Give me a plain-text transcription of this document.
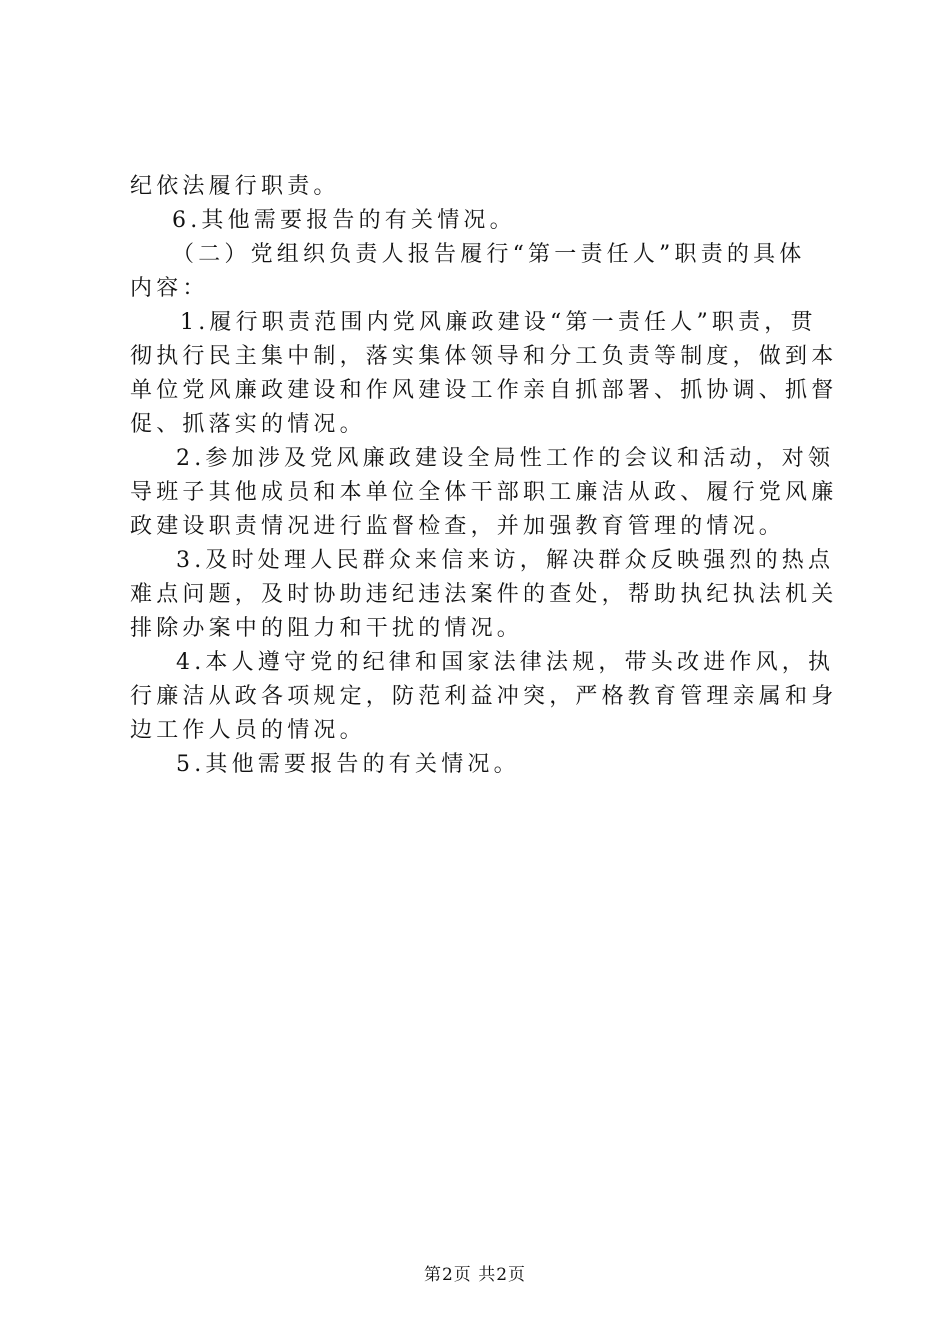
纪依法履行职责。
6.其他需要报告的有关情况。
（二）党组织负责人报告履行“第一责任人”职责的具体
内容：
1.履行职责范围内党风廉政建设“第一责任人”职责，贯
彻执行民主集中制，落实集体领导和分工负责等制度，做到本
单位党风廉政建设和作风建设工作亲自抓部署、抓协调、抓督
促、抓落实的情况。
2.参加涉及党风廉政建设全局性工作的会议和活动，对领
导班子其他成员和本单位全体干部职工廉洁从政、履行党风廉
政建设职责情况进行监督检查，并加强教育管理的情况。
3.及时处理人民群众来信来访，解决群众反映强烈的热点
难点问题，及时协助违纪违法案件的查处，帮助执纪执法机关
排除办案中的阻力和干扰的情况。
4.本人遵守党的纪律和国家法律法规，带头改进作风，执
行廉洁从政各项规定，防范利益冲突，严格教育管理亲属和身
边工作人员的情况。
5.其他需要报告的有关情况。
第2页 共2页
